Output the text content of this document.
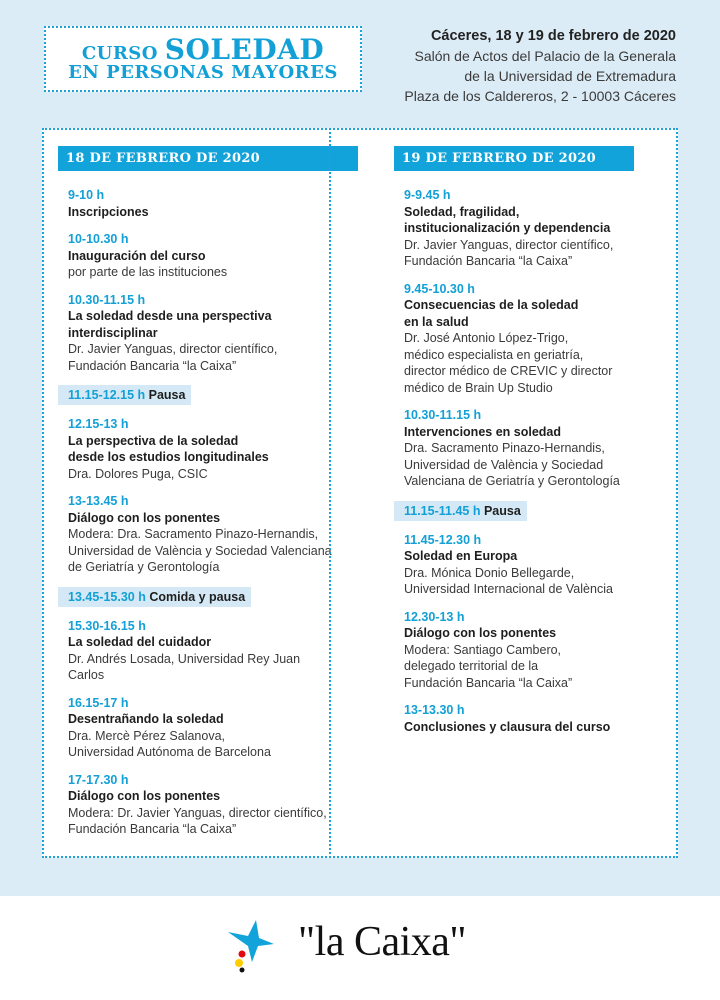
CURSO SOLEDAD
EN PERSONAS MAYORES
Cáceres, 18 y 19 de febrero de 2020
Salón de Actos del Palacio de la Generala
de la Universidad de Extremadura
Plaza de los Caldereros, 2 - 10003 Cáceres
18 DE FEBRERO DE 2020
9-10 h
Inscripciones
10-10.30 h
Inauguración del curso
por parte de las instituciones
10.30-11.15 h
La soledad desde una perspectiva
interdisciplinar
Dr. Javier Yanguas, director científico,
Fundación Bancaria “la Caixa”
11.15-12.15 h Pausa
12.15-13 h
La perspectiva de la soledad
desde los estudios longitudinales
Dra. Dolores Puga, CSIC
13-13.45 h
Diálogo con los ponentes
Modera: Dra. Sacramento Pinazo-Hernandis,
Universidad de València y Sociedad Valenciana
de Geriatría y Gerontología
13.45-15.30 h Comida y pausa
15.30-16.15 h
La soledad del cuidador
Dr. Andrés Losada, Universidad Rey Juan
Carlos
16.15-17 h
Desentrañando la soledad
Dra. Mercè Pérez Salanova,
Universidad Autónoma de Barcelona
17-17.30 h
Diálogo con los ponentes
Modera: Dr. Javier Yanguas, director científico,
Fundación Bancaria “la Caixa”
19 DE FEBRERO DE 2020
9-9.45 h
Soledad, fragilidad,
institucionalización y dependencia
Dr. Javier Yanguas, director científico,
Fundación Bancaria “la Caixa”
9.45-10.30 h
Consecuencias de la soledad
en la salud
Dr. José Antonio López-Trigo,
médico especialista en geriatría,
director médico de CREVIC y director
médico de Brain Up Studio
10.30-11.15 h
Intervenciones en soledad
Dra. Sacramento Pinazo-Hernandis,
Universidad de València y Sociedad
Valenciana de Geriatría y Gerontología
11.15-11.45 h Pausa
11.45-12.30 h
Soledad en Europa
Dra. Mónica Donio Bellegarde,
Universidad Internacional de València
12.30-13 h
Diálogo con los ponentes
Modera: Santiago Cambero,
delegado territorial de la
Fundación Bancaria “la Caixa”
13-13.30 h
Conclusiones y clausura del curso
"la Caixa"
